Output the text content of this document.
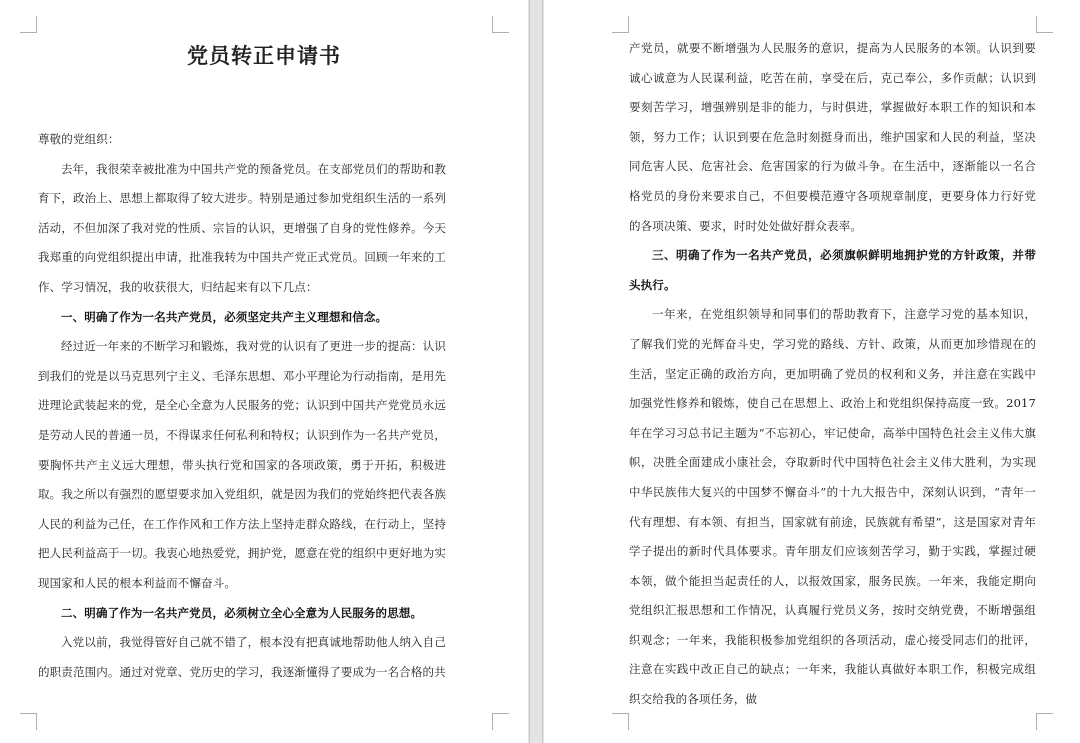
党员转正申请书

尊敬的党组织：

去年，我很荣幸被批准为中国共产党的预备党员。在支部党员们的帮助和教育下，政治上、思想上都取得了较大进步。特别是通过参加党组织生活的一系列活动，不但加深了我对党的性质、宗旨的认识，更增强了自身的党性修养。今天我郑重的向党组织提出申请，批准我转为中国共产党正式党员。回顾一年来的工作、学习情况，我的收获很大，归结起来有以下几点：

一、明确了作为一名共产党员，必须坚定共产主义理想和信念。

经过近一年来的不断学习和锻炼，我对党的认识有了更进一步的提高：认识到我们的党是以马克思列宁主义、毛泽东思想、邓小平理论为行动指南，是用先进理论武装起来的党，是全心全意为人民服务的党；认识到中国共产党党员永远是劳动人民的普通一员，不得谋求任何私利和特权；认识到作为一名共产党员，要胸怀共产主义远大理想，带头执行党和国家的各项政策，勇于开拓，积极进取。我之所以有强烈的愿望要求加入党组织，就是因为我们的党始终把代表各族人民的利益为己任，在工作作风和工作方法上坚持走群众路线，在行动上，坚持把人民利益高于一切。我衷心地热爱党，拥护党，愿意在党的组织中更好地为实现国家和人民的根本利益而不懈奋斗。

二、明确了作为一名共产党员，必须树立全心全意为人民服务的思想。

入党以前，我觉得管好自己就不错了，根本没有把真诚地帮助他人纳入自己的职责范围内。通过对党章、党历史的学习，我逐渐懂得了要成为一名合格的共

产党员，就要不断增强为人民服务的意识，提高为人民服务的本领。认识到要诚心诚意为人民谋利益，吃苦在前，享受在后，克己奉公，多作贡献；认识到要刻苦学习，增强辨别是非的能力，与时俱进，掌握做好本职工作的知识和本领，努力工作；认识到要在危急时刻挺身而出，维护国家和人民的利益，坚决同危害人民、危害社会、危害国家的行为做斗争。在生活中，逐渐能以一名合格党员的身份来要求自己，不但要模范遵守各项规章制度，更要身体力行好党的各项决策、要求，时时处处做好群众表率。

三、明确了作为一名共产党员，必须旗帜鲜明地拥护党的方针政策，并带头执行。

一年来，在党组织领导和同事们的帮助教育下，注意学习党的基本知识，了解我们党的光辉奋斗史，学习党的路线、方针、政策，从而更加珍惜现在的生活，坚定正确的政治方向，更加明确了党员的权利和义务，并注意在实践中加强党性修养和锻炼，使自己在思想上、政治上和党组织保持高度一致。2017 年在学习习总书记主题为“不忘初心，牢记使命，高举中国特色社会主义伟大旗帜，决胜全面建成小康社会，夺取新时代中国特色社会主义伟大胜利，为实现中华民族伟大复兴的中国梦不懈奋斗”的十九大报告中，深刻认识到，“青年一代有理想、有本领、有担当，国家就有前途，民族就有希望”，这是国家对青年学子提出的新时代具体要求。青年朋友们应该刻苦学习，勤于实践，掌握过硬本领，做个能担当起责任的人，以报效国家，服务民族。一年来，我能定期向党组织汇报思想和工作情况，认真履行党员义务，按时交纳党费，不断增强组织观念；一年来，我能积极参加党组织的各项活动，虚心接受同志们的批评，注意在实践中改正自己的缺点；一年来，我能认真做好本职工作，积极完成组织交给我的各项任务，做
